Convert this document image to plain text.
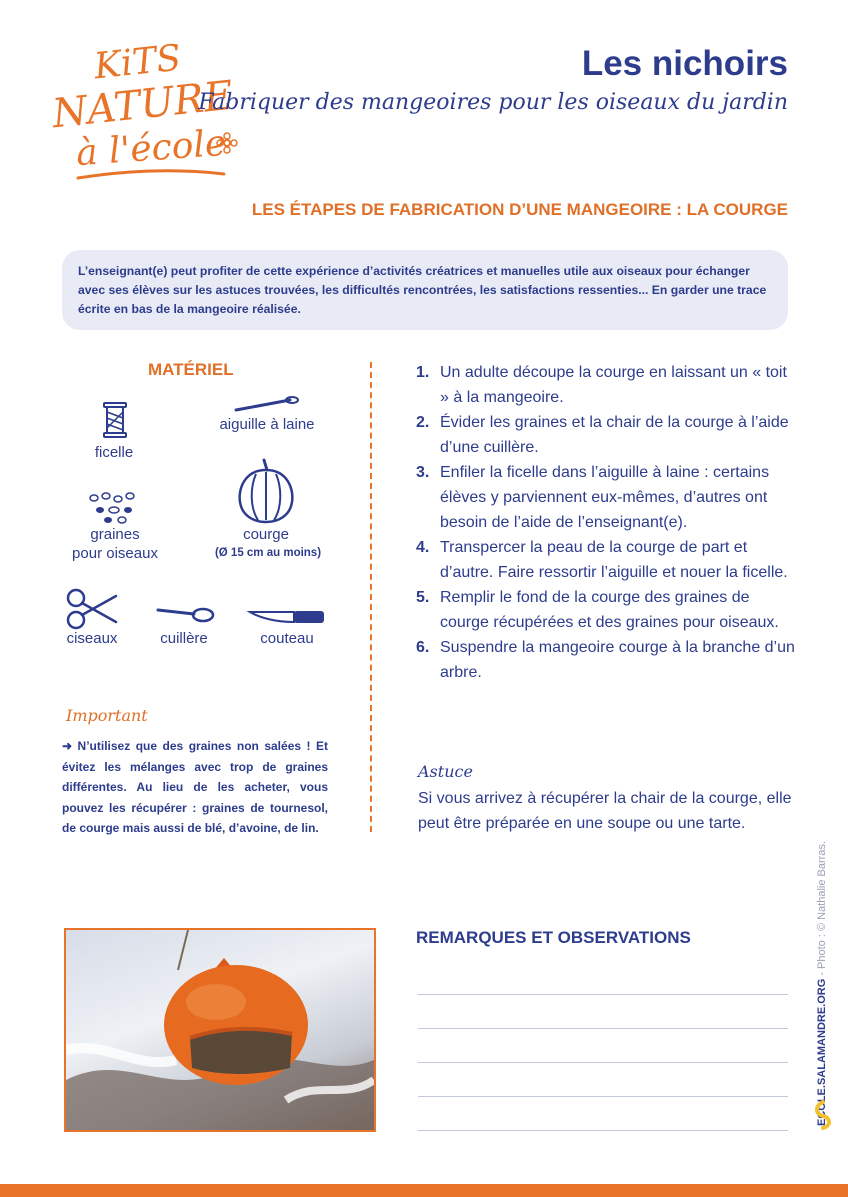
KiTS
NATURE
à l'école
Les nichoirs
Fabriquer des mangeoires pour les oiseaux du jardin
LES ÉTAPES DE FABRICATION D’UNE MANGEOIRE : LA COURGE

L’enseignant(e) peut profiter de cette expérience d’activités créatrices et manuelles utile aux oiseaux pour échanger avec ses élèves sur les astuces trouvées, les difficultés rencontrées, les satisfactions ressenties... En garder une trace écrite en bas de la mangeoire réalisée.

MATÉRIEL
ficelle
aiguille à laine
graines
pour oiseaux
courge
(Ø 15 cm au moins)
ciseaux	cuillère	couteau
Important
➜ N’utilisez que des graines non salées ! Et évitez les mélanges avec trop de graines différentes. Au lieu de les acheter, vous pouvez les récupérer : graines de tournesol, de courge mais aussi de blé, d’avoine, de lin.
1. Un adulte découpe la courge en laissant un « toit » à la mangeoire.
2. Évider les graines et la chair de la courge à l’aide d’une cuillère.
3. Enfiler la ficelle dans l’aiguille à laine : certains élèves y parviennent eux-mêmes, d’autres ont besoin de l’aide de l’enseignant(e).
4. Transpercer la peau de la courge de part et d’autre. Faire ressortir l’aiguille et nouer la ficelle.
5. Remplir le fond de la courge des graines de courge récupérées et des graines pour oiseaux.
6. Suspendre la mangeoire courge à la branche d’un arbre.
Astuce
Si vous arrivez à récupérer la chair de la courge, elle peut être préparée en une soupe ou une tarte.
REMARQUES ET OBSERVATIONS
ECOLE.SALAMANDRE.ORG - Photo : © Nathalie Barras.
